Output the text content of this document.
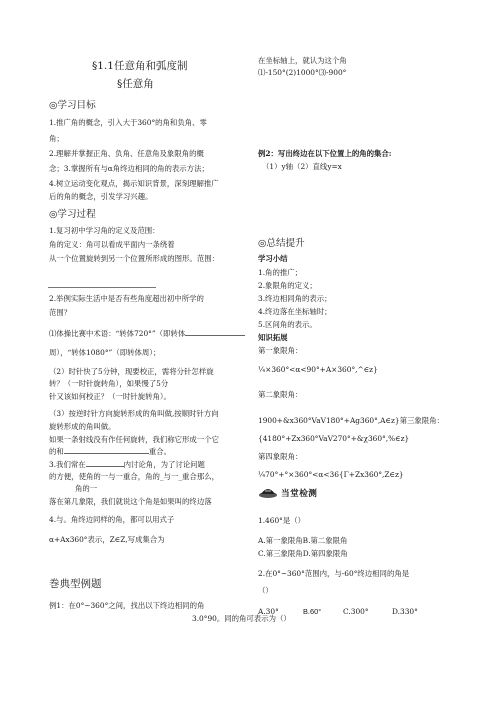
§1.1任意角和弧度制
§任意角
◎学习目标
1.推广角的概念，引入大于360°的角和负角、零
角；
2.理解并掌握正角、负角、任意角及象限角的概
念；3.掌握所有与α角终边相同的角的表示方法；
4.树立运动变化观点，揭示知识背景，深刻理解推广
后的角的概念，引发学习兴趣。
◎学习过程
1.复习初中学习角的定义及范围：
角的定义：角可以看成平面内一条绕着
从一个位置旋转到另一个位置所形成的图形。范围：
2.举例实际生活中是否有些角度超出初中所学的
范围？
⑴体操比赛中术语：“转体720°”（即转体
周），“转体1080°”（即转体周）；
（2）时针快了5分钟，现要校正，需将分针怎样旋
转？（一时针旋转角），如果慢了5分
针又该如何校正？（一时针旋转角）。
（3）按逆时针方向旋转形成的角叫做,按顺时针方向
旋转形成的角叫做。
如果一条射线没有作任何旋转，我们称它形成一个它
的和	重合。
3.我们常在	内讨论角，为了讨论问题
的方便，使角的一与一重合，角的_与一_重合那么，
角的一
落在第几象限，我们就说这个角是如果叫的终边落
4.与。角终边同样的角，都可以用式子
α+Ax360°表示，Z∈Z,写成集合为
巻典型例题
例1：在0°~360°之间，找出以下终边相同的角
3.0°90。同的角可表示为（）
在坐标轴上，就认为这个角
⑴-150°(2)1000°⑶-900°
例2：写出终边在以下位置上的角的集合:
（1）y轴（2）直线y=x
◎总结提升
学习小结
1.角的推广；
2.象限角的定义；
3.终边相同角的表示；
4.终边落在坐标轴时；
5.区间角的表示。
知识拓展
第一象限角：
¼×360°<α<90°+A×360°,^∈z}
第二象限角：
1900+&x360°VaV180°+Ag360°,A∈z}第三象限角：
{4180°+Zx360°VaV270°+&χ360°,%∈z}
第四象限角：
¼70°+°×360°<α<36{Γ+Zx360°,Z∈z}
当堂检测
1.460°是（）
A.第一象限角B.第二象限角
C.第三象限角D.第四象限角
2.在0°~360°范围内，与-60°终边相同的角是
（）
A.30°	B.60°	C.300°	D.330°
